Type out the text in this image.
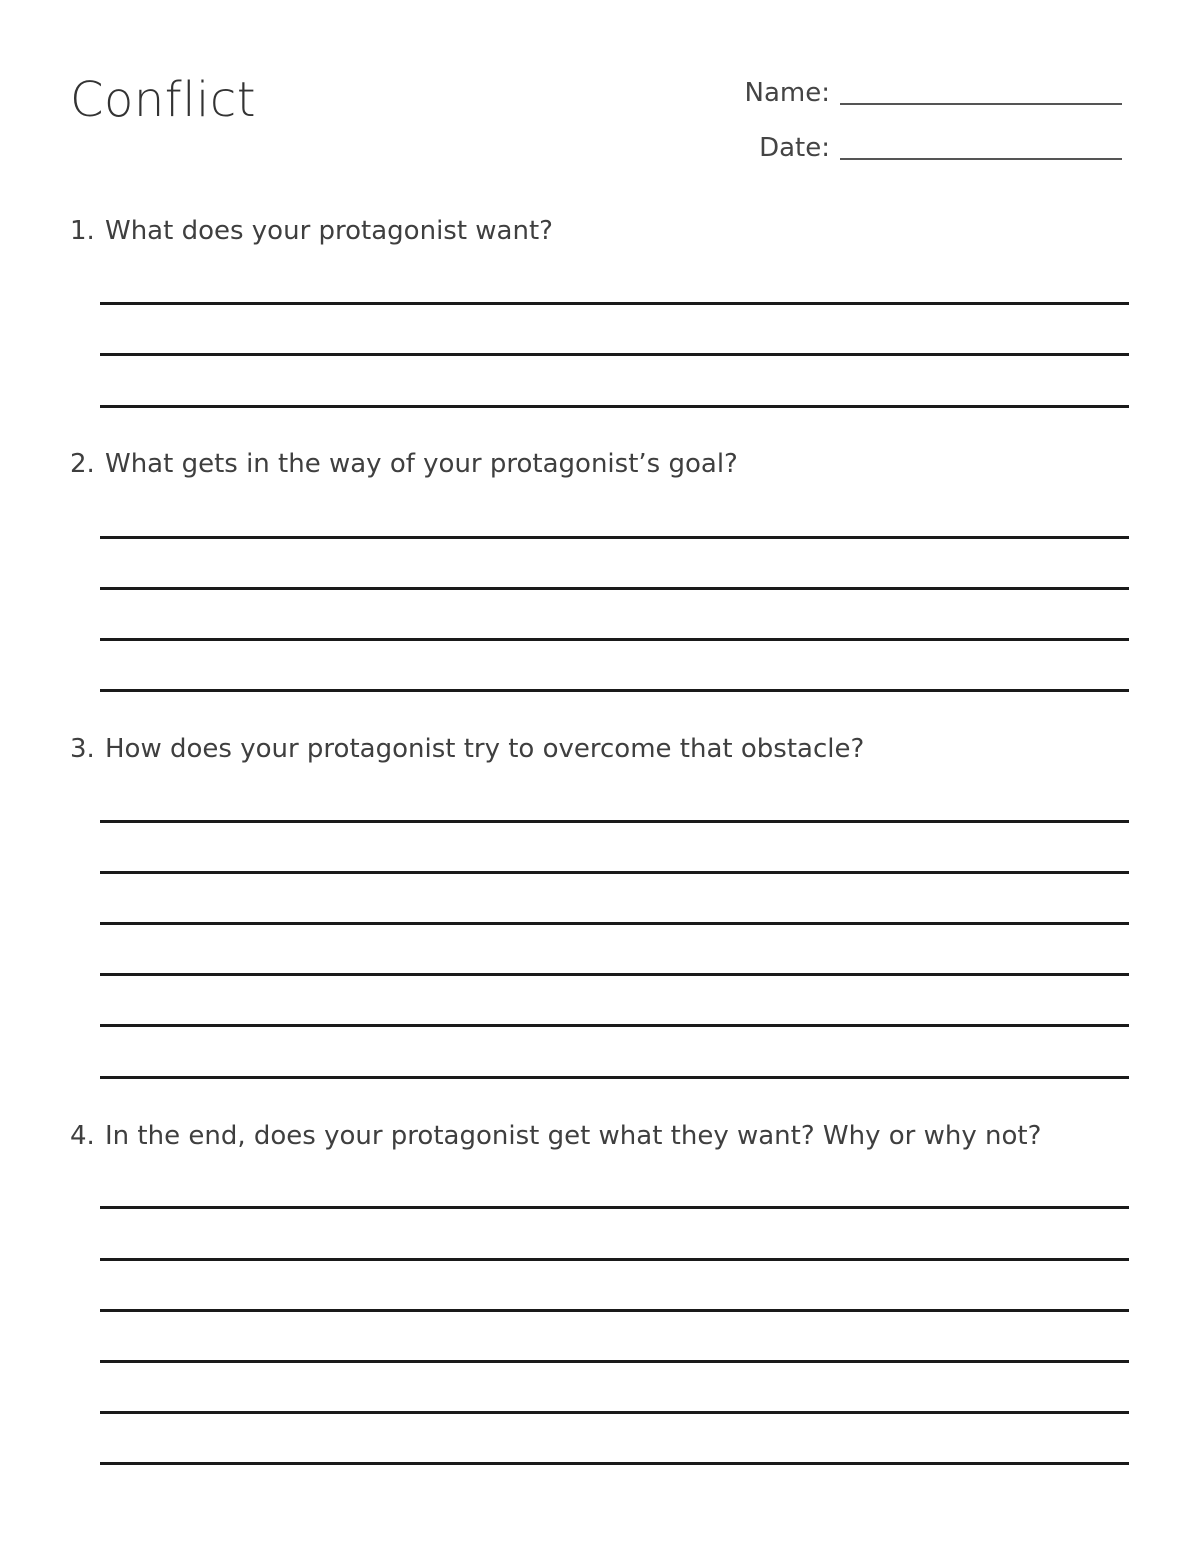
Conflict	Name:
Date:
1. What does your protagonist want?
2. What gets in the way of your protagonist’s goal?
3. How does your protagonist try to overcome that obstacle?
4. In the end, does your protagonist get what they want? Why or why not?
